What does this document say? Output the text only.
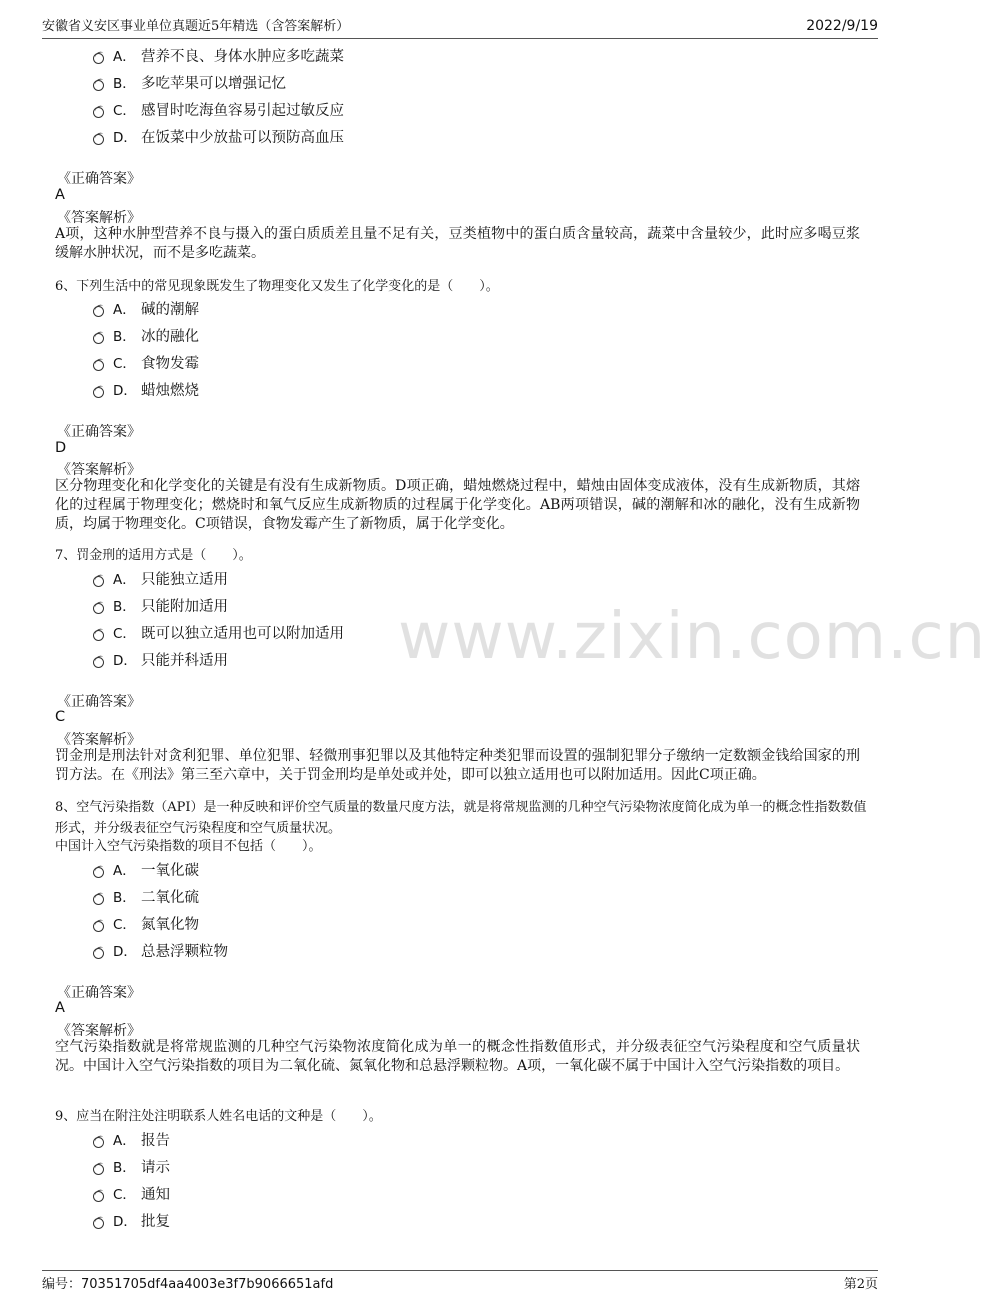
安徽省义安区事业单位真题近5年精选（含答案解析）	2022/9/19
A． 营养不良、身体水肿应多吃蔬菜
B． 多吃苹果可以增强记忆
C． 感冒时吃海鱼容易引起过敏反应
D． 在饭菜中少放盐可以预防高血压
《正确答案》
A
《答案解析》
A项，这种水肿型营养不良与摄入的蛋白质质差且量不足有关，豆类植物中的蛋白质含量较高，蔬菜中含量较少，此时应多喝豆浆缓解水肿状况，而不是多吃蔬菜。
6、下列生活中的常见现象既发生了物理变化又发生了化学变化的是（　　）。
A． 碱的潮解
B． 冰的融化
C． 食物发霉
D． 蜡烛燃烧
《正确答案》
D
《答案解析》
区分物理变化和化学变化的关键是有没有生成新物质。D项正确，蜡烛燃烧过程中，蜡烛由固体变成液体，没有生成新物质，其熔化的过程属于物理变化；燃烧时和氧气反应生成新物质的过程属于化学变化。AB两项错误，碱的潮解和冰的融化，没有生成新物质，均属于物理变化。C项错误，食物发霉产生了新物质，属于化学变化。
7、罚金刑的适用方式是（　　）。
A． 只能独立适用
B． 只能附加适用
C． 既可以独立适用也可以附加适用
D． 只能并科适用
《正确答案》
C
《答案解析》
罚金刑是刑法针对贪利犯罪、单位犯罪、轻微刑事犯罪以及其他特定种类犯罪而设置的强制犯罪分子缴纳一定数额金钱给国家的刑罚方法。在《刑法》第三至六章中，关于罚金刑均是单处或并处，即可以独立适用也可以附加适用。因此C项正确。
8、空气污染指数（API）是一种反映和评价空气质量的数量尺度方法，就是将常规监测的几种空气污染物浓度简化成为单一的概念性指数数值形式，并分级表征空气污染程度和空气质量状况。
中国计入空气污染指数的项目不包括（　　）。
A． 一氧化碳
B． 二氧化硫
C． 氮氧化物
D． 总悬浮颗粒物
《正确答案》
A
《答案解析》
空气污染指数就是将常规监测的几种空气污染物浓度简化成为单一的概念性指数值形式，并分级表征空气污染程度和空气质量状况。中国计入空气污染指数的项目为二氧化硫、氮氧化物和总悬浮颗粒物。A项，一氧化碳不属于中国计入空气污染指数的项目。
9、应当在附注处注明联系人姓名电话的文种是（　　）。
A． 报告
B． 请示
C． 通知
D． 批复
www.zixin.com.cn
编号：70351705df4aa4003e3f7b9066651afd	第2页
